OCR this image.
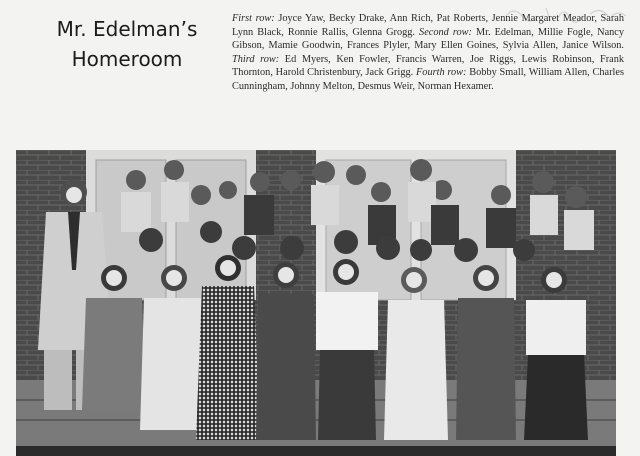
Mr. Edelman’s
Homeroom
First row: Joyce Yaw, Becky Drake, Ann Rich, Pat Roberts, Jennie Margaret Meador, Sarah Lynn Black, Ronnie Rallis, Glenna Grogg. Second row: Mr. Edelman, Millie Fogle, Nancy Gibson, Mamie Goodwin, Frances Plyler, Mary Ellen Goines, Sylvia Allen, Janice Wilson. Third row: Ed Myers, Ken Fowler, Francis Warren, Joe Riggs, Lewis Robinson, Frank Thornton, Harold Christenbury, Jack Grigg. Fourth row: Bobby Small, William Allen, Charles Cunningham, Johnny Melton, Desmus Weir, Norman Hexamer.
